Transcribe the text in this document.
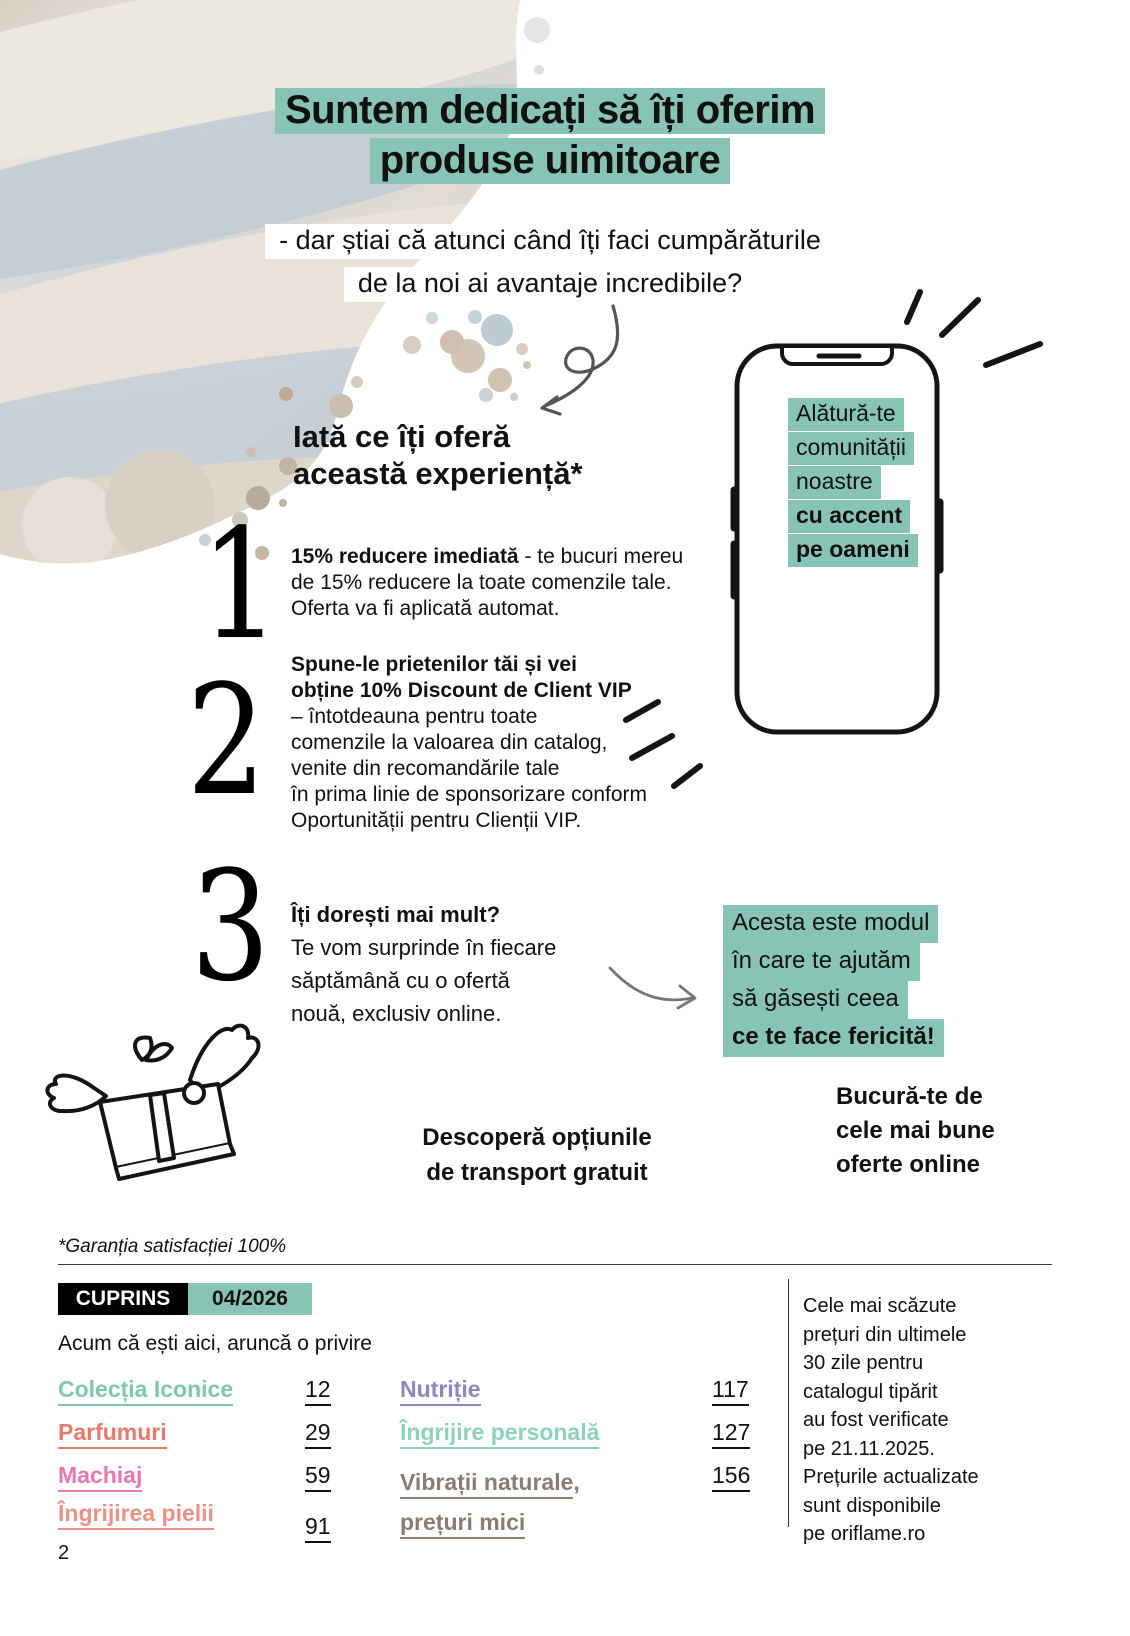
Suntem dedicați să îți oferim
produse uimitoare
- dar știai că atunci când îți faci cumpărăturile
de la noi ai avantaje incredibile?
Iată ce îți oferă
această experiență*
1
2
3
15% reducere imediată - te bucuri mereu
de 15% reducere la toate comenzile tale.
Oferta va fi aplicată automat.
Spune-le prietenilor tăi și vei
obține 10% Discount de Client VIP
– întotdeauna pentru toate
comenzile la valoarea din catalog,
venite din recomandările tale
în prima linie de sponsorizare conform
Oportunității pentru Clienții VIP.
Îți dorești mai mult?
Te vom surprinde în fiecare
săptămână cu o ofertă
nouă, exclusiv online.
Alătură-te
comunității
noastre
cu accent
pe oameni
Acesta este modul
în care te ajutăm
să găsești ceea
ce te face fericită!
Descoperă opțiunile
de transport gratuit
Bucură-te de
cele mai bune
oferte online
*Garanția satisfacției 100%
CUPRINS	04/2026
Acum că ești aici, aruncă o privire
Colecția Iconice	12
Parfumuri	29
Machiaj	59
Îngrijirea pielii	91
Nutriție	117
Îngrijire personală	127
Vibrații naturale,
prețuri mici
156
Cele mai scăzute
prețuri din ultimele
30 zile pentru
catalogul tipărit
au fost verificate
pe 21.11.2025.
Prețurile actualizate
sunt disponibile
pe oriflame.ro
2
